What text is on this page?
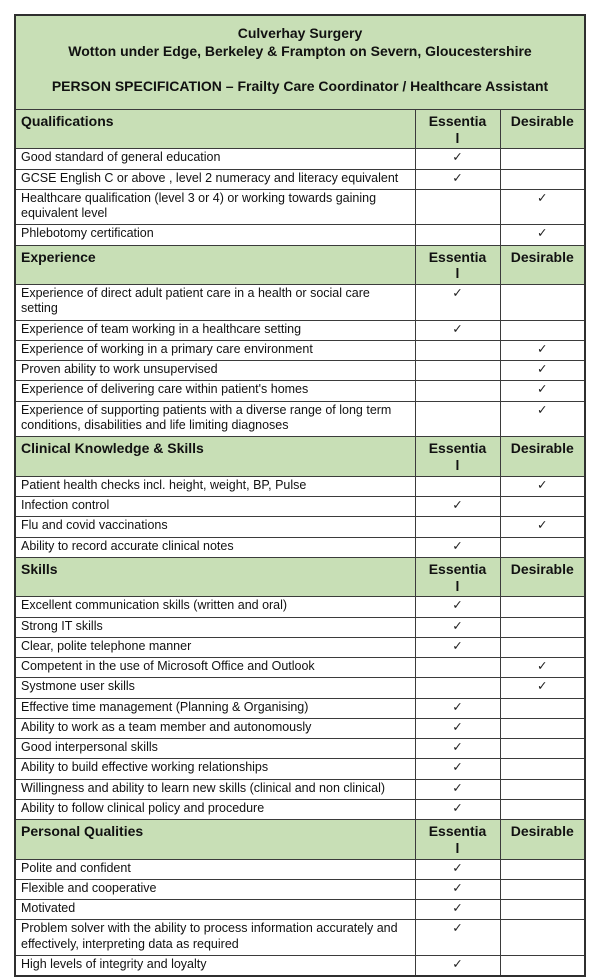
Culverhay Surgery

Wotton under Edge, Berkeley & Frampton on Severn, Gloucestershire

PERSON SPECIFICATION – Frailty Care Coordinator / Healthcare Assistant		

Qualifications	Essential	Desirable
Good standard of general education	✓	
GCSE English C or above , level 2 numeracy and literacy equivalent	✓	
Healthcare qualification (level 3 or 4) or working towards gaining equivalent level		✓
Phlebotomy certification		✓
Experience	Essential	Desirable
Experience of direct adult patient care in a health or social care setting	✓	
Experience of team working in a healthcare setting	✓	
Experience of working in a primary care environment		✓
Proven ability to work unsupervised		✓
Experience of delivering care within patient's homes		✓
Experience of supporting patients with a diverse range of long term conditions, disabilities and life limiting diagnoses		✓
Clinical Knowledge & Skills	Essential	Desirable
Patient health checks incl. height, weight, BP, Pulse		✓
Infection control	✓	
Flu and covid vaccinations		✓
Ability to record accurate clinical notes	✓	
Skills	Essential	Desirable
Excellent communication skills (written and oral)	✓	
Strong IT skills	✓	
Clear, polite telephone manner	✓	
Competent in the use of Microsoft Office and Outlook		✓
Systmone user skills		✓
Effective time management (Planning & Organising)	✓	
Ability to work as a team member and autonomously	✓	
Good interpersonal skills	✓	
Ability to build effective working relationships	✓	
Willingness and ability to learn new skills (clinical and non clinical)	✓	
Ability to follow clinical policy and procedure	✓	
Personal Qualities	Essential	Desirable
Polite and confident	✓	
Flexible and cooperative	✓	
Motivated	✓	
Problem solver with the ability to process information accurately and effectively, interpreting data as required	✓	
High levels of integrity and loyalty	✓	
